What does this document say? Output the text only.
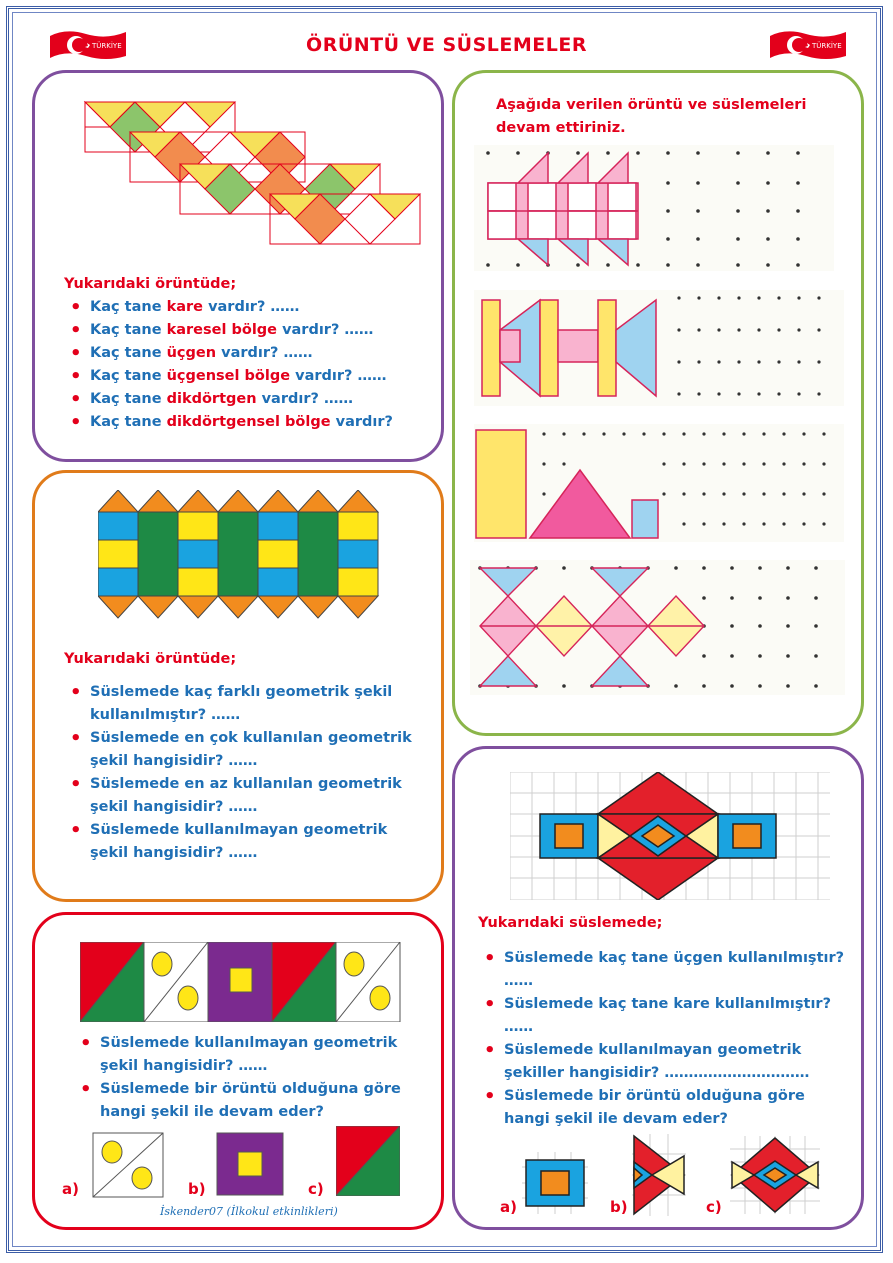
TÜRKİYE	TÜRKİYE
ÖRÜNTÜ VE SÜSLEMELER
Yukarıdaki örüntüde;
• Kaç tane kare vardır? ……
• Kaç tane karesel bölge vardır? ……
• Kaç tane üçgen vardır? ……
• Kaç tane üçgensel bölge vardır? ……
• Kaç tane dikdörtgen vardır? ……
• Kaç tane dikdörtgensel bölge vardır?
Yukarıdaki örüntüde;
• Süslemede kaç farklı geometrik şekil kullanılmıştır? ……
• Süslemede en çok kullanılan geometrik şekil hangisidir? ……
• Süslemede en az kullanılan geometrik şekil hangisidir? ……
• Süslemede kullanılmayan geometrik şekil hangisidir? ……
• Süslemede kullanılmayan geometrik şekil hangisidir? ……
• Süslemede bir örüntü olduğuna göre hangi şekil ile devam eder?
a)	b)	c)
Aşağıda verilen örüntü ve süslemeleri devam ettiriniz.
Yukarıdaki süslemede;
• Süslemede kaç tane üçgen kullanılmıştır? ……
• Süslemede kaç tane kare kullanılmıştır? ……
• Süslemede kullanılmayan geometrik şekiller hangisidir? …………………………
• Süslemede bir örüntü olduğuna göre hangi şekil ile devam eder?
a)	b)	c)
İskender07 (İlkokul etkinlikleri)
